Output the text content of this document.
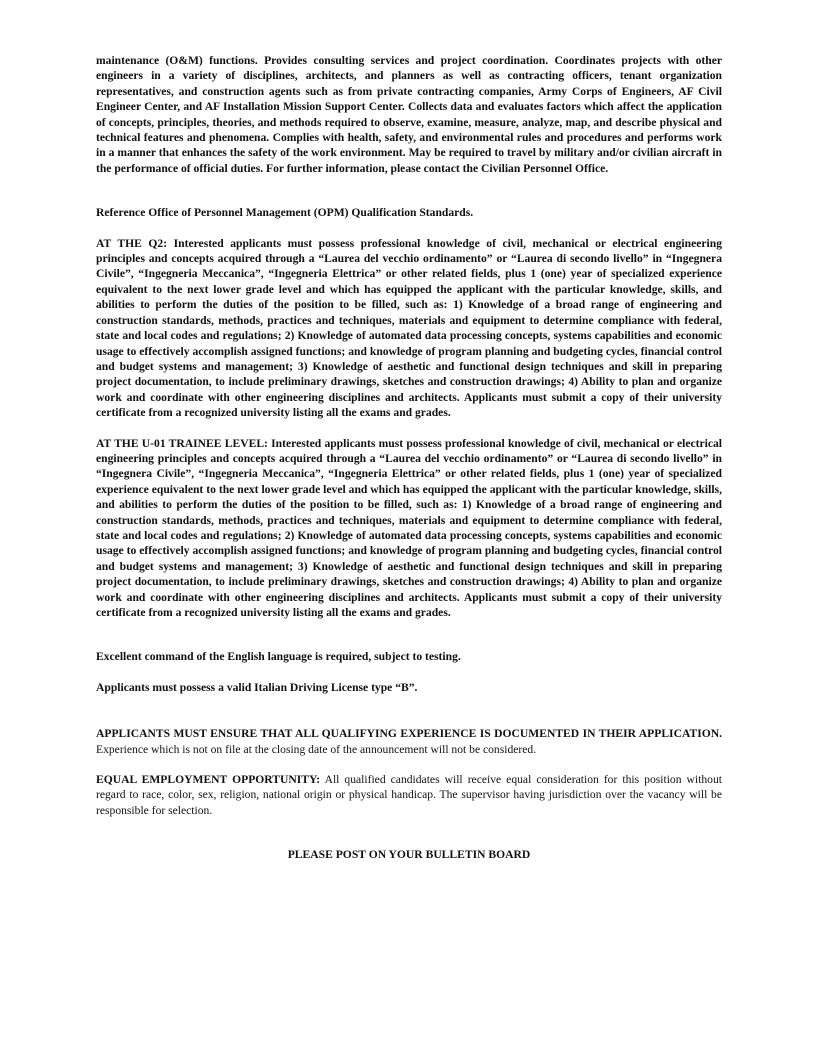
maintenance (O&M) functions. Provides consulting services and project coordination. Coordinates projects with other engineers in a variety of disciplines, architects, and planners as well as contracting officers, tenant organization representatives, and construction agents such as from private contracting companies, Army Corps of Engineers, AF Civil Engineer Center, and AF Installation Mission Support Center. Collects data and evaluates factors which affect the application of concepts, principles, theories, and methods required to observe, examine, measure, analyze, map, and describe physical and technical features and phenomena. Complies with health, safety, and environmental rules and procedures and performs work in a manner that enhances the safety of the work environment. May be required to travel by military and/or civilian aircraft in the performance of official duties. For further information, please contact the Civilian Personnel Office.

Reference Office of Personnel Management (OPM) Qualification Standards.

AT THE Q2: Interested applicants must possess professional knowledge of civil, mechanical or electrical engineering principles and concepts acquired through a “Laurea del vecchio ordinamento” or “Laurea di secondo livello” in “Ingegnera Civile”, “Ingegneria Meccanica”, “Ingegneria Elettrica” or other related fields, plus 1 (one) year of specialized experience equivalent to the next lower grade level and which has equipped the applicant with the particular knowledge, skills, and abilities to perform the duties of the position to be filled, such as: 1) Knowledge of a broad range of engineering and construction standards, methods, practices and techniques, materials and equipment to determine compliance with federal, state and local codes and regulations; 2) Knowledge of automated data processing concepts, systems capabilities and economic usage to effectively accomplish assigned functions; and knowledge of program planning and budgeting cycles, financial control and budget systems and management; 3) Knowledge of aesthetic and functional design techniques and skill in preparing project documentation, to include preliminary drawings, sketches and construction drawings; 4) Ability to plan and organize work and coordinate with other engineering disciplines and architects. Applicants must submit a copy of their university certificate from a recognized university listing all the exams and grades.

AT THE U-01 TRAINEE LEVEL: Interested applicants must possess professional knowledge of civil, mechanical or electrical engineering principles and concepts acquired through a “Laurea del vecchio ordinamento” or “Laurea di secondo livello” in “Ingegnera Civile”, “Ingegneria Meccanica”, “Ingegneria Elettrica” or other related fields, plus 1 (one) year of specialized experience equivalent to the next lower grade level and which has equipped the applicant with the particular knowledge, skills, and abilities to perform the duties of the position to be filled, such as: 1) Knowledge of a broad range of engineering and construction standards, methods, practices and techniques, materials and equipment to determine compliance with federal, state and local codes and regulations; 2) Knowledge of automated data processing concepts, systems capabilities and economic usage to effectively accomplish assigned functions; and knowledge of program planning and budgeting cycles, financial control and budget systems and management; 3) Knowledge of aesthetic and functional design techniques and skill in preparing project documentation, to include preliminary drawings, sketches and construction drawings; 4) Ability to plan and organize work and coordinate with other engineering disciplines and architects. Applicants must submit a copy of their university certificate from a recognized university listing all the exams and grades.

Excellent command of the English language is required, subject to testing.

Applicants must possess a valid Italian Driving License type “B”.

APPLICANTS MUST ENSURE THAT ALL QUALIFYING EXPERIENCE IS DOCUMENTED IN THEIR APPLICATION. Experience which is not on file at the closing date of the announcement will not be considered.

EQUAL EMPLOYMENT OPPORTUNITY: All qualified candidates will receive equal consideration for this position without regard to race, color, sex, religion, national origin or physical handicap. The supervisor having jurisdiction over the vacancy will be responsible for selection.

PLEASE POST ON YOUR BULLETIN BOARD
